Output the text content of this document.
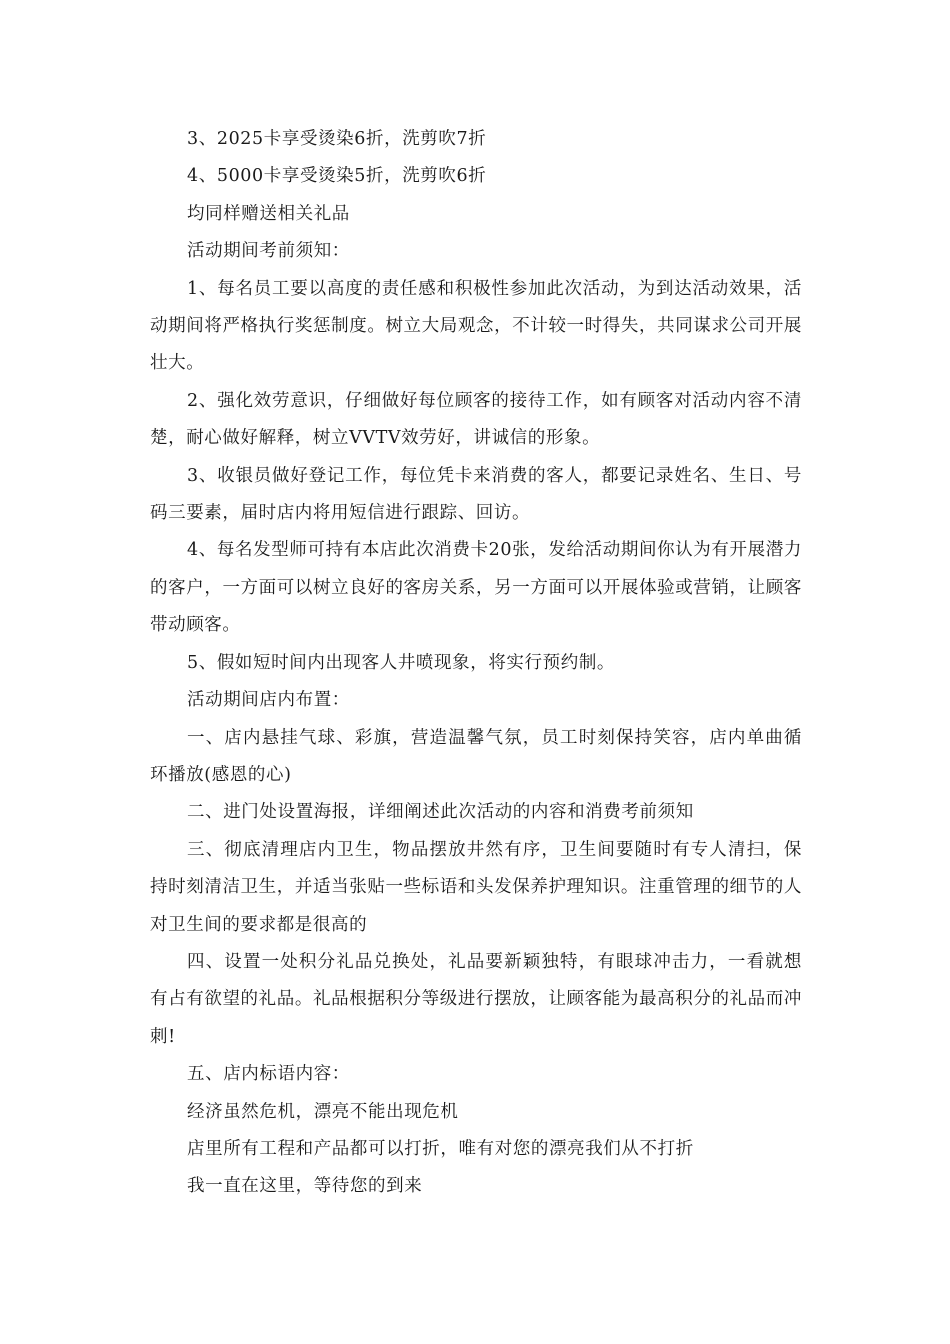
3、2025卡享受烫染6折，洗剪吹7折

4、5000卡享受烫染5折，洗剪吹6折

均同样赠送相关礼品

活动期间考前须知：

1、每名员工要以高度的责任感和积极性参加此次活动，为到达活动效果，活动期间将严格执行奖惩制度。树立大局观念，不计较一时得失，共同谋求公司开展壮大。

2、强化效劳意识，仔细做好每位顾客的接待工作，如有顾客对活动内容不清楚，耐心做好解释，树立VVTV效劳好，讲诚信的形象。

3、收银员做好登记工作，每位凭卡来消费的客人，都要记录姓名、生日、号码三要素，届时店内将用短信进行跟踪、回访。

4、每名发型师可持有本店此次消费卡20张，发给活动期间你认为有开展潜力的客户，一方面可以树立良好的客房关系，另一方面可以开展体验或营销，让顾客带动顾客。

5、假如短时间内出现客人井喷现象，将实行预约制。

活动期间店内布置：

一、店内悬挂气球、彩旗，营造温馨气氛，员工时刻保持笑容，店内单曲循环播放(感恩的心)

二、进门处设置海报，详细阐述此次活动的内容和消费考前须知

三、彻底清理店内卫生，物品摆放井然有序，卫生间要随时有专人清扫，保持时刻清洁卫生，并适当张贴一些标语和头发保养护理知识。注重管理的细节的人对卫生间的要求都是很高的

四、设置一处积分礼品兑换处，礼品要新颖独特，有眼球冲击力，一看就想有占有欲望的礼品。礼品根据积分等级进行摆放，让顾客能为最高积分的礼品而冲刺!

五、店内标语内容：

经济虽然危机，漂亮不能出现危机

店里所有工程和产品都可以打折，唯有对您的漂亮我们从不打折

我一直在这里，等待您的到来
